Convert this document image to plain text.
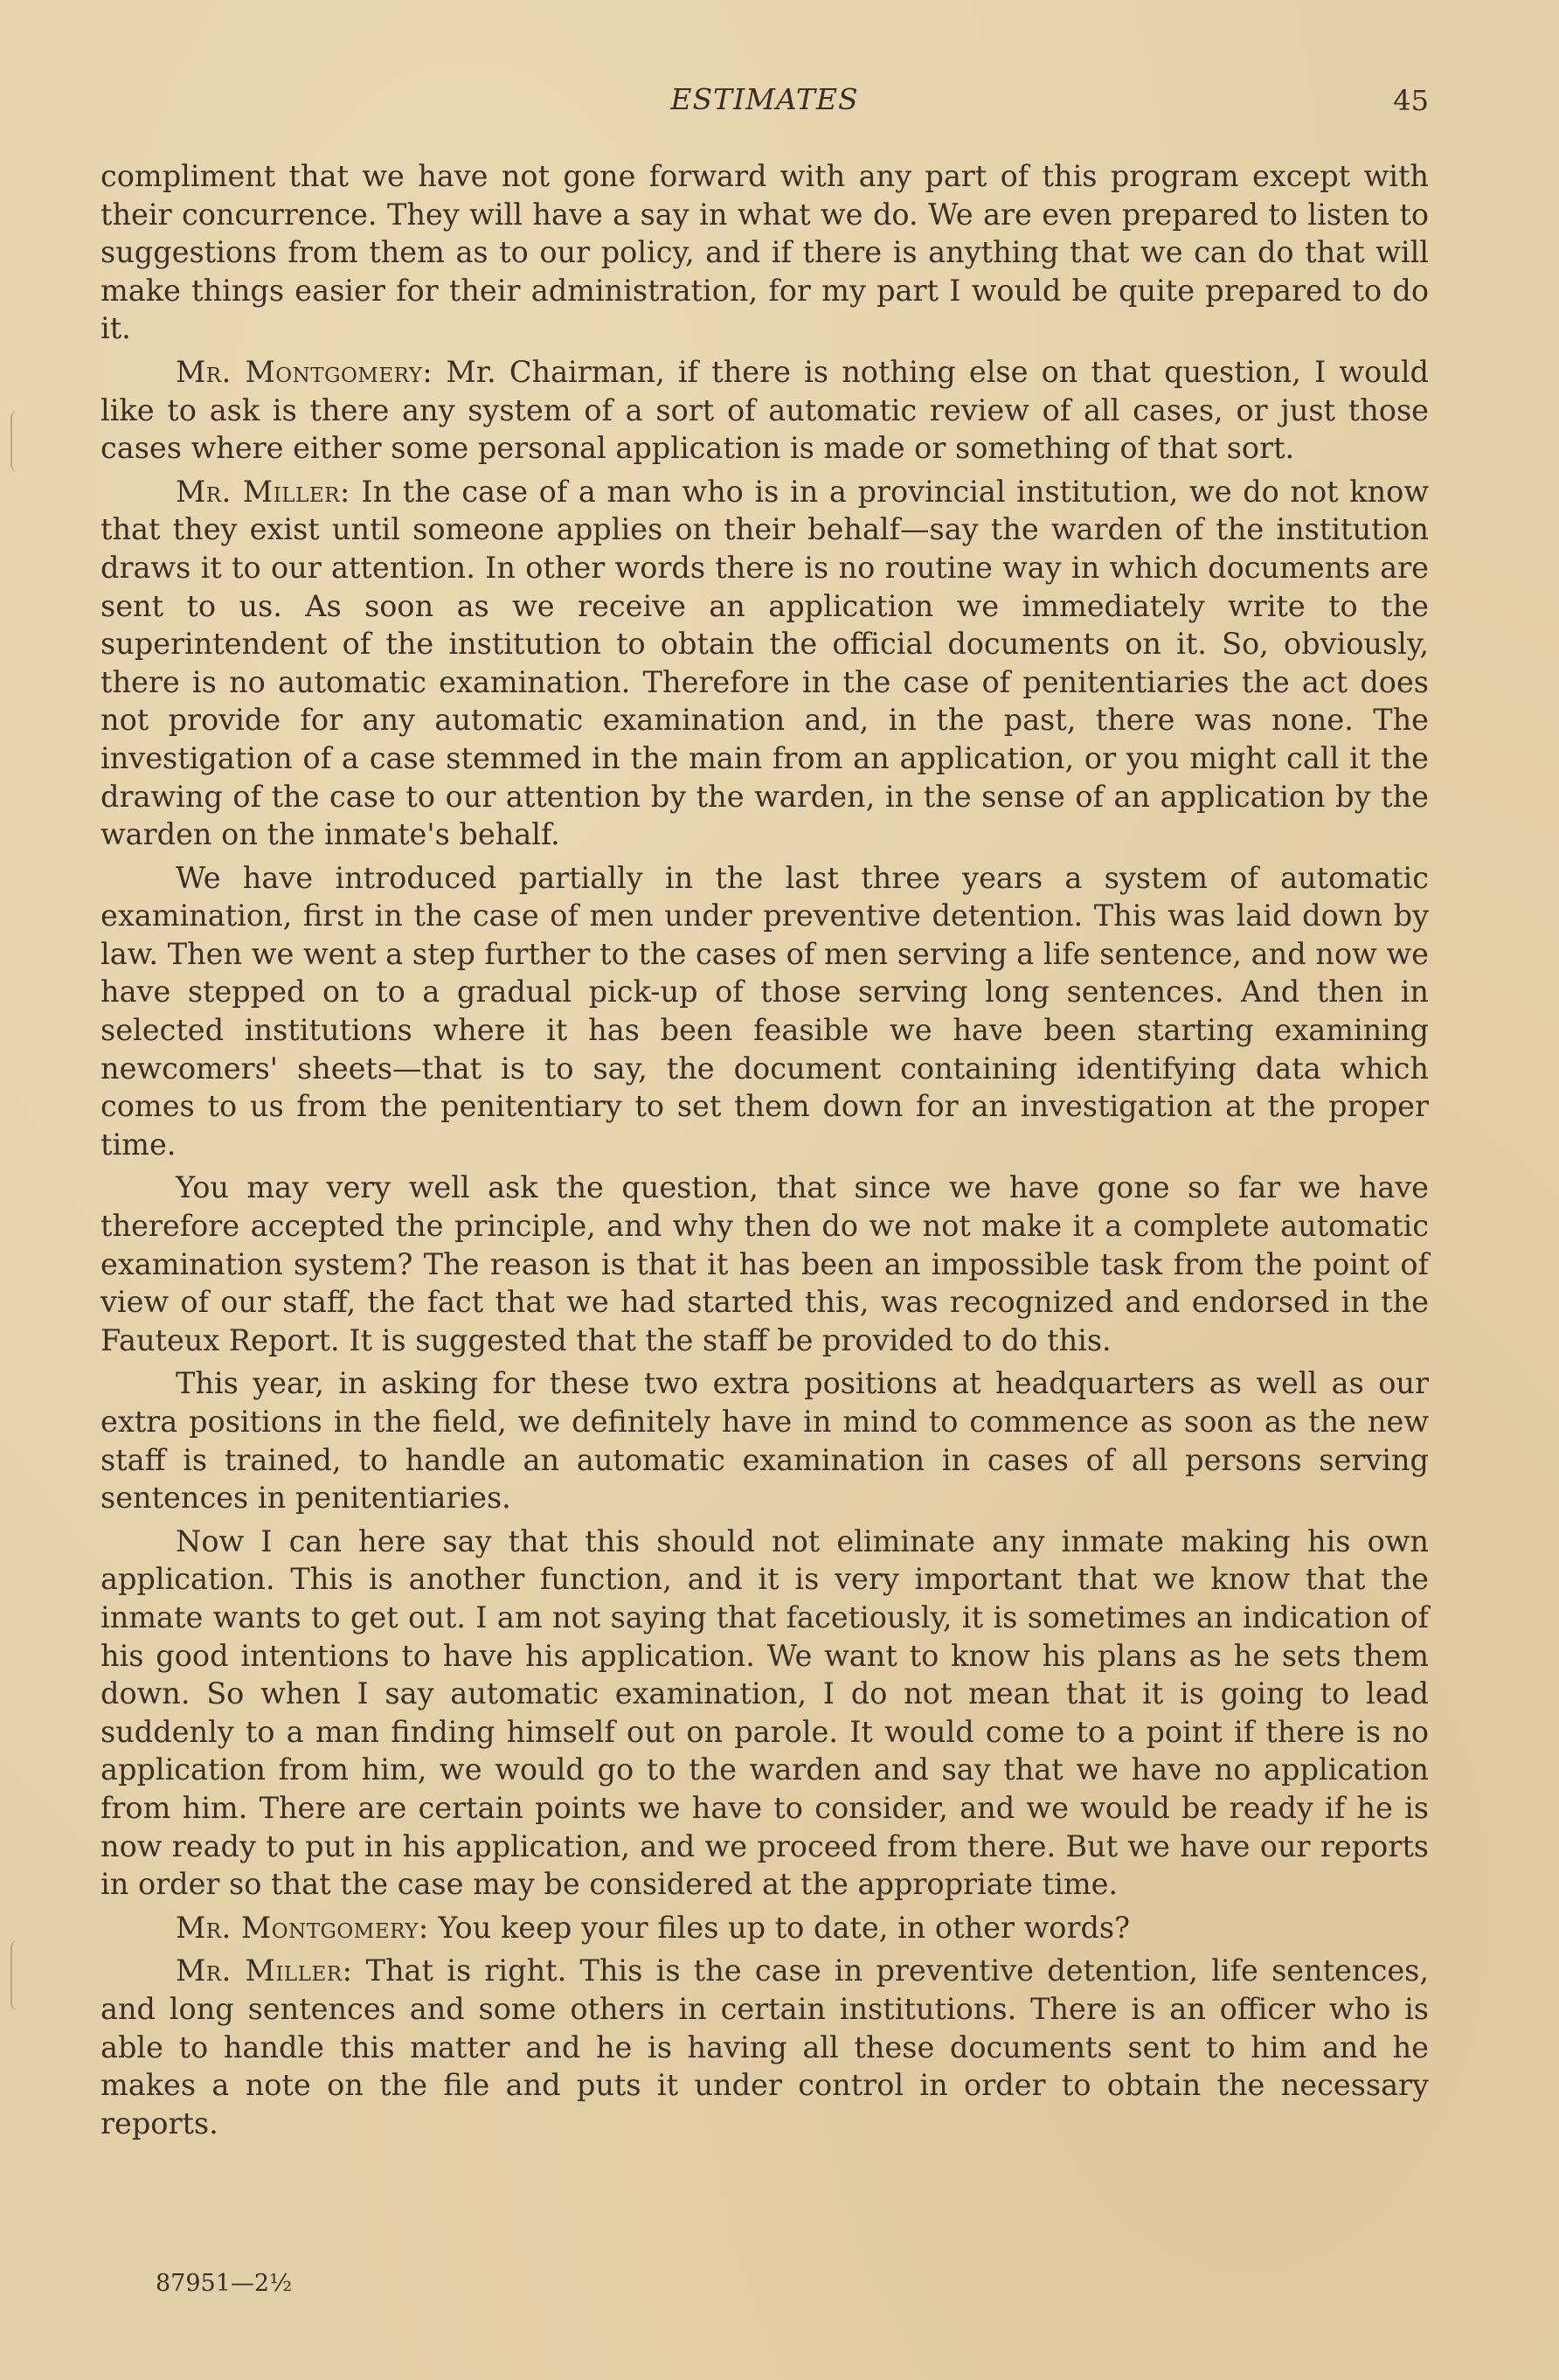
ESTIMATES	45

compliment that we have not gone forward with any part of this program except with their concurrence. They will have a say in what we do. We are even prepared to listen to suggestions from them as to our policy, and if there is anything that we can do that will make things easier for their administration, for my part I would be quite prepared to do it.

Mr. Montgomery: Mr. Chairman, if there is nothing else on that question, I would like to ask is there any system of a sort of automatic review of all cases, or just those cases where either some personal application is made or something of that sort.

Mr. Miller: In the case of a man who is in a provincial institution, we do not know that they exist until someone applies on their behalf—say the warden of the institution draws it to our attention. In other words there is no routine way in which documents are sent to us. As soon as we receive an application we immediately write to the superintendent of the institution to obtain the official documents on it. So, obviously, there is no automatic examination. Therefore in the case of penitentiaries the act does not provide for any automatic examination and, in the past, there was none. The investigation of a case stemmed in the main from an application, or you might call it the drawing of the case to our attention by the warden, in the sense of an application by the warden on the inmate's behalf.

We have introduced partially in the last three years a system of automatic examination, first in the case of men under preventive detention. This was laid down by law. Then we went a step further to the cases of men serving a life sentence, and now we have stepped on to a gradual pick-up of those serving long sentences. And then in selected institutions where it has been feasible we have been starting examining newcomers' sheets—that is to say, the document containing identifying data which comes to us from the penitentiary to set them down for an investigation at the proper time.

You may very well ask the question, that since we have gone so far we have therefore accepted the principle, and why then do we not make it a complete automatic examination system? The reason is that it has been an impossible task from the point of view of our staff, the fact that we had started this, was recognized and endorsed in the Fauteux Report. It is suggested that the staff be provided to do this.

This year, in asking for these two extra positions at headquarters as well as our extra positions in the field, we definitely have in mind to commence as soon as the new staff is trained, to handle an automatic examination in cases of all persons serving sentences in penitentiaries.

Now I can here say that this should not eliminate any inmate making his own application. This is another function, and it is very important that we know that the inmate wants to get out. I am not saying that facetiously, it is sometimes an indication of his good intentions to have his application. We want to know his plans as he sets them down. So when I say automatic examination, I do not mean that it is going to lead suddenly to a man finding himself out on parole. It would come to a point if there is no application from him, we would go to the warden and say that we have no application from him. There are certain points we have to consider, and we would be ready if he is now ready to put in his application, and we proceed from there. But we have our reports in order so that the case may be considered at the appropriate time.

Mr. Montgomery: You keep your files up to date, in other words?

Mr. Miller: That is right. This is the case in preventive detention, life sentences, and long sentences and some others in certain institutions. There is an officer who is able to handle this matter and he is having all these documents sent to him and he makes a note on the file and puts it under control in order to obtain the necessary reports.

87951—2½
